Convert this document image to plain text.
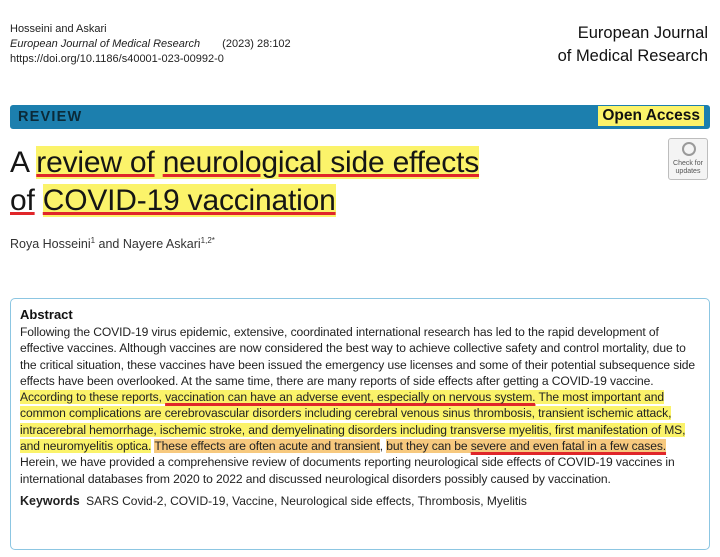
Hosseini and Askari
European Journal of Medical Research (2023) 28:102
https://doi.org/10.1186/s40001-023-00992-0
European Journal
of Medical Research
REVIEW	Open Access
A review of neurological side effects
of COVID-19 vaccination
Check for
updates
Roya Hosseini$^1$ and Nayere Askari$^{1,2*}$
Abstract
Following the COVID-19 virus epidemic, extensive, coordinated international research has led to the rapid development of effective vaccines. Although vaccines are now considered the best way to achieve collective safety and control mortality, due to the critical situation, these vaccines have been issued the emergency use licenses and some of their potential subsequence side effects have been overlooked. At the same time, there are many reports of side effects after getting a COVID-19 vaccine. According to these reports, vaccination can have an adverse event, especially on nervous system. The most important and common complications are cerebrovascular disorders including cerebral venous sinus thrombosis, transient ischemic attack, intracerebral hemorrhage, ischemic stroke, and demyelinating disorders including transverse myelitis, first manifestation of MS, and neuromyelitis optica. These effects are often acute and transient, but they can be severe and even fatal in a few cases. Herein, we have provided a comprehensive review of documents reporting neurological side effects of COVID-19 vaccines in international databases from 2020 to 2022 and discussed neurological disorders possibly caused by vaccination.
Keywords SARS Covid-2, COVID-19, Vaccine, Neurological side effects, Thrombosis, Myelitis
